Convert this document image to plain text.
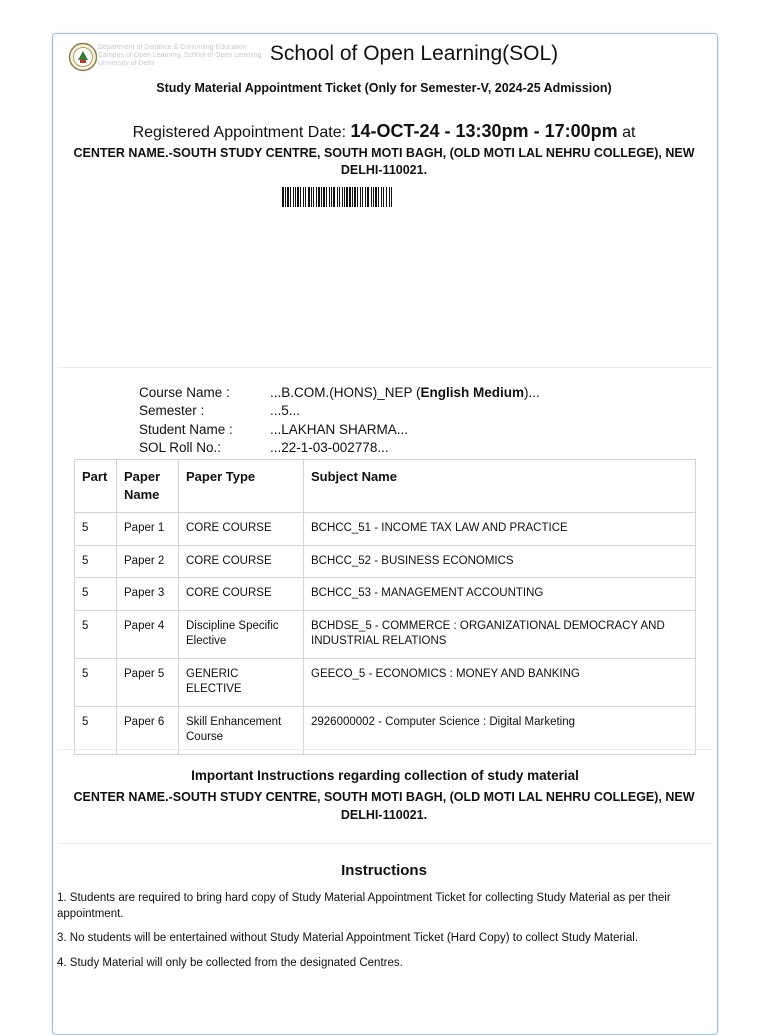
Department of Distance & Continuing Education
Campus of Open Learning, School of Open Learning
University of Delhi	School of Open Learning(SOL)
Study Material Appointment Ticket (Only for Semester-V, 2024-25 Admission)
Registered Appointment Date: 14-OCT-24 - 13:30pm - 17:00pm at
CENTER NAME.-SOUTH STUDY CENTRE, SOUTH MOTI BAGH, (OLD MOTI LAL NEHRU COLLEGE), NEW DELHI-110021.
Course Name :	...B.COM.(HONS)_NEP (English Medium)...
Semester :	...5...
Student Name :	...LAKHAN SHARMA...
SOL Roll No.:	...22-1-03-002778...
Part	Paper Name	Paper Type	Subject Name
5	Paper 1	CORE COURSE	BCHCC_51 - INCOME TAX LAW AND PRACTICE
5	Paper 2	CORE COURSE	BCHCC_52 - BUSINESS ECONOMICS
5	Paper 3	CORE COURSE	BCHCC_53 - MANAGEMENT ACCOUNTING
5	Paper 4	Discipline Specific Elective	BCHDSE_5 - COMMERCE : ORGANIZATIONAL DEMOCRACY AND INDUSTRIAL RELATIONS
5	Paper 5	GENERIC ELECTIVE	GEECO_5 - ECONOMICS : MONEY AND BANKING
5	Paper 6	Skill Enhancement Course	2926000002 - Computer Science : Digital Marketing
Important Instructions regarding collection of study material
CENTER NAME.-SOUTH STUDY CENTRE, SOUTH MOTI BAGH, (OLD MOTI LAL NEHRU COLLEGE), NEW DELHI-110021.
Instructions

1. Students are required to bring hard copy of Study Material Appointment Ticket for collecting Study Material as per their appointment.

3. No students will be entertained without Study Material Appointment Ticket (Hard Copy) to collect Study Material.

4. Study Material will only be collected from the designated Centres.
